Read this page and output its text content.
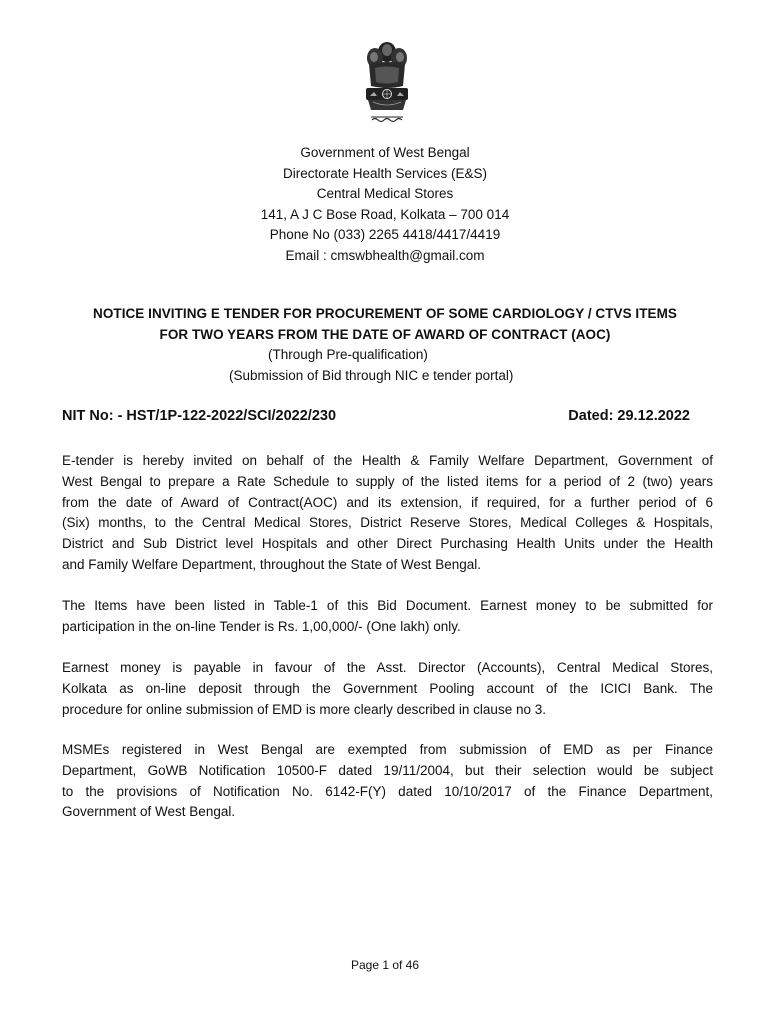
Government of West Bengal
Directorate Health Services (E&S)
Central Medical Stores
141, A J C Bose Road, Kolkata – 700 014
Phone No (033) 2265 4418/4417/4419
Email : cmswbhealth@gmail.com
NOTICE INVITING E TENDER FOR PROCUREMENT OF SOME CARDIOLOGY / CTVS ITEMS
FOR TWO YEARS FROM THE DATE OF AWARD OF CONTRACT (AOC)
(Through Pre-qualification)
(Submission of Bid through NIC e tender portal)
NIT No: - HST/1P-122-2022/SCI/2022/230	Dated: 29.12.2022
E-tender is hereby invited on behalf of the Health & Family Welfare Department, Government of
West Bengal to prepare a Rate Schedule to supply of the listed items for a period of 2 (two) years
from the date of Award of Contract(AOC) and its extension, if required, for a further period of 6
(Six) months, to the Central Medical Stores, District Reserve Stores, Medical Colleges & Hospitals,
District and Sub District level Hospitals and other Direct Purchasing Health Units under the Health
and Family Welfare Department, throughout the State of West Bengal.
The Items have been listed in Table-1 of this Bid Document. Earnest money to be submitted for
participation in the on-line Tender is Rs. 1,00,000/- (One lakh) only.
Earnest money is payable in favour of the Asst. Director (Accounts), Central Medical Stores,
Kolkata as on-line deposit through the Government Pooling account of the ICICI Bank. The
procedure for online submission of EMD is more clearly described in clause no 3.
MSMEs registered in West Bengal are exempted from submission of EMD as per Finance
Department, GoWB Notification 10500-F dated 19/11/2004, but their selection would be subject
to the provisions of Notification No. 6142-F(Y) dated 10/10/2017 of the Finance Department,
Government of West Bengal.
Page 1 of 46
